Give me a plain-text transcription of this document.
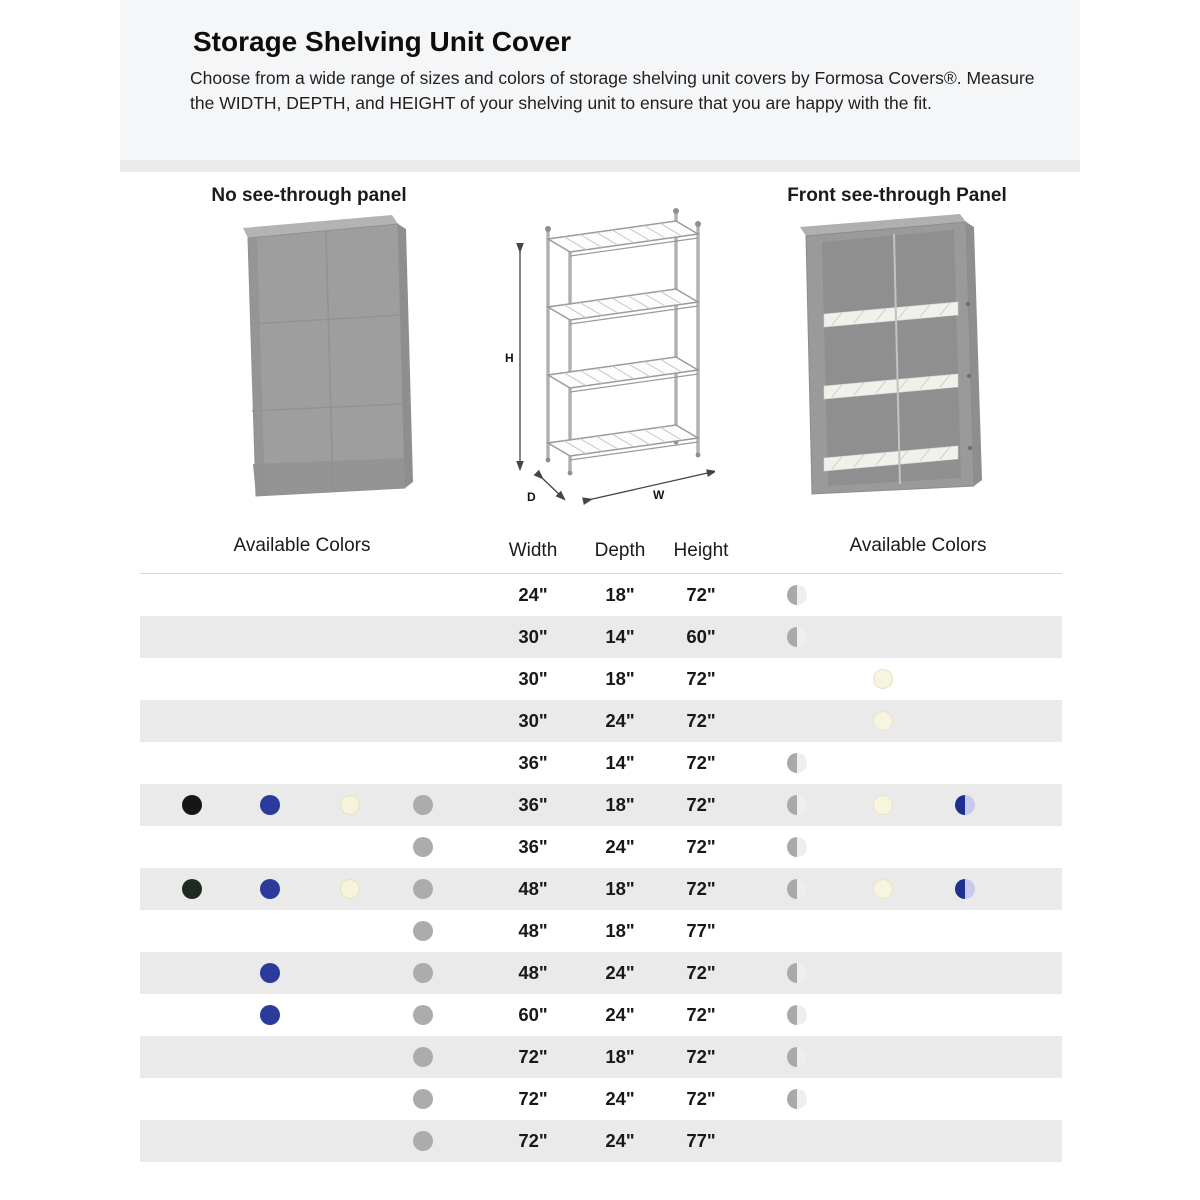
Storage Shelving Unit Cover
Choose from a wide range of sizes and colors of storage shelving unit covers by Formosa Covers®. Measure the WIDTH, DEPTH, and HEIGHT of your shelving unit to ensure that you are happy with the fit.
No see-through panel	Front see-through Panel
H
D	W
Available Colors	Width	Depth	Height	Available Colors
24"	18"	72"
30"	14"	60"
30"	18"	72"
30"	24"	72"
36"	14"	72"
36"	18"	72"
36"	24"	72"
48"	18"	72"
48"	18"	77"
48"	24"	72"
60"	24"	72"
72"	18"	72"
72"	24"	72"
72"	24"	77"
